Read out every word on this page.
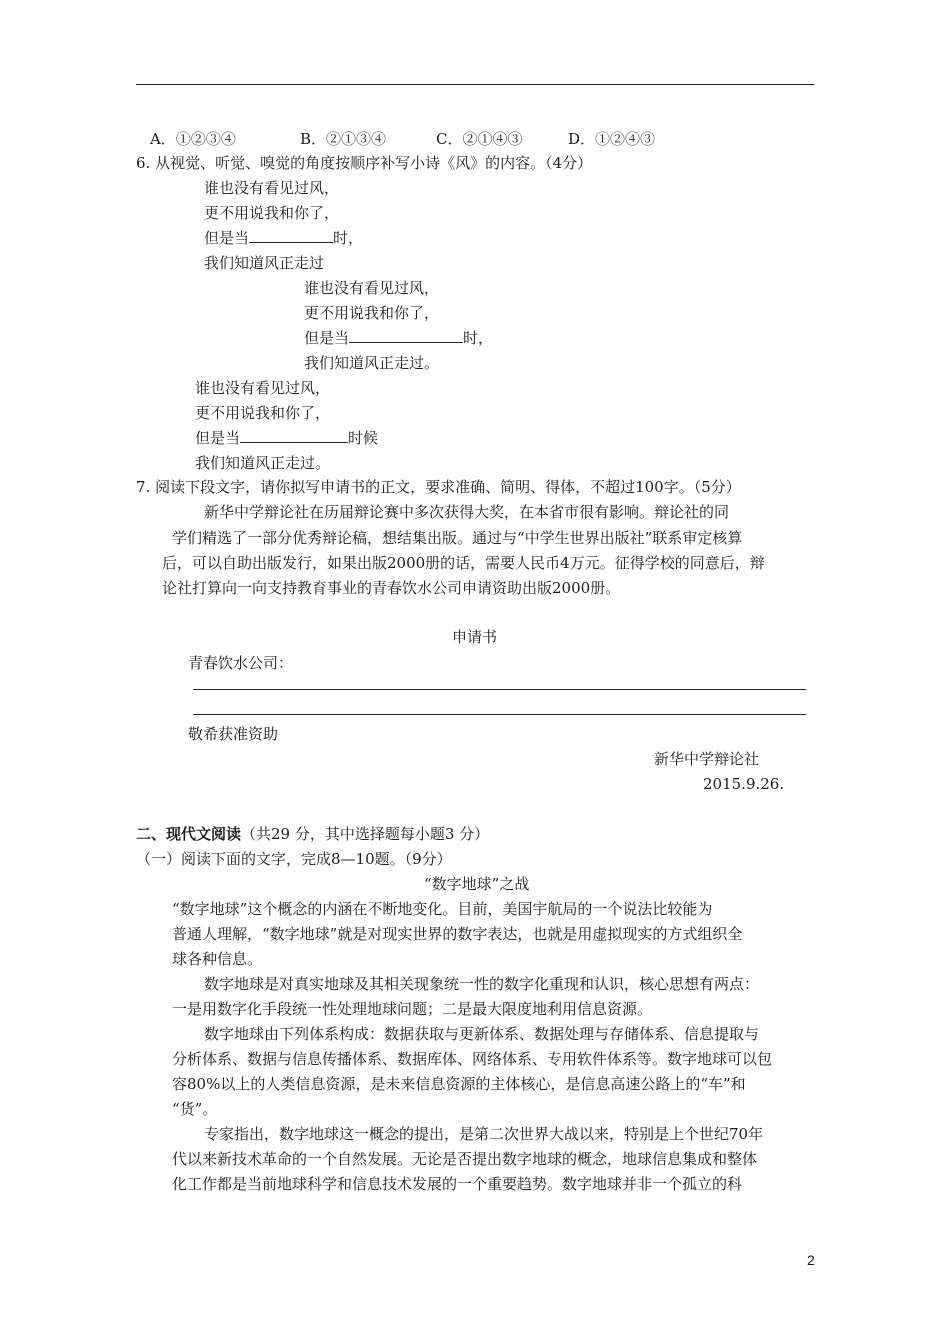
A．①②③④	B．②①③④	C．②①④③	D．①②④③
6. 从视觉、听觉、嗅觉的角度按顺序补写小诗《风》的内容。（4分）
谁也没有看见过风，
更不用说我和你了，
但是当	时，
我们知道风正走过
谁也没有看见过风，
更不用说我和你了，
但是当	时，
我们知道风正走过。
谁也没有看见过风，
更不用说我和你了，
但是当	时候
我们知道风正走过。
7. 阅读下段文字，请你拟写申请书的正文，要求准确、简明、得体，不超过100字。（5分）
新华中学辩论社在历届辩论赛中多次获得大奖，在本省市很有影响。辩论社的同
学们精选了一部分优秀辩论稿，想结集出版。通过与“中学生世界出版社”联系审定核算
后，可以自助出版发行，如果出版2000册的话，需要人民币4万元。征得学校的同意后，辩
论社打算向一向支持教育事业的青春饮水公司申请资助出版2000册。
申请书
青春饮水公司：
敬希获准资助
新华中学辩论社
2015.9.26.
二、现代文阅读（共29 分，其中选择题每小题3 分）
（一）阅读下面的文字，完成8—10题。（9分）
“数字地球”之战
“数字地球”这个概念的内涵在不断地变化。目前，美国宇航局的一个说法比较能为
普通人理解，“数字地球”就是对现实世界的数字表达，也就是用虚拟现实的方式组织全
球各种信息。
数字地球是对真实地球及其相关现象统一性的数字化重现和认识，核心思想有两点：
一是用数字化手段统一性处理地球问题；二是最大限度地利用信息资源。
数字地球由下列体系构成：数据获取与更新体系、数据处理与存储体系、信息提取与
分析体系、数据与信息传播体系、数据库体、网络体系、专用软件体系等。数字地球可以包
容80%以上的人类信息资源，是未来信息资源的主体核心，是信息高速公路上的“车”和
“货”。
专家指出，数字地球这一概念的提出，是第二次世界大战以来，特别是上个世纪70年
代以来新技术革命的一个自然发展。无论是否提出数字地球的概念，地球信息集成和整体
化工作都是当前地球科学和信息技术发展的一个重要趋势。数字地球并非一个孤立的科
2
